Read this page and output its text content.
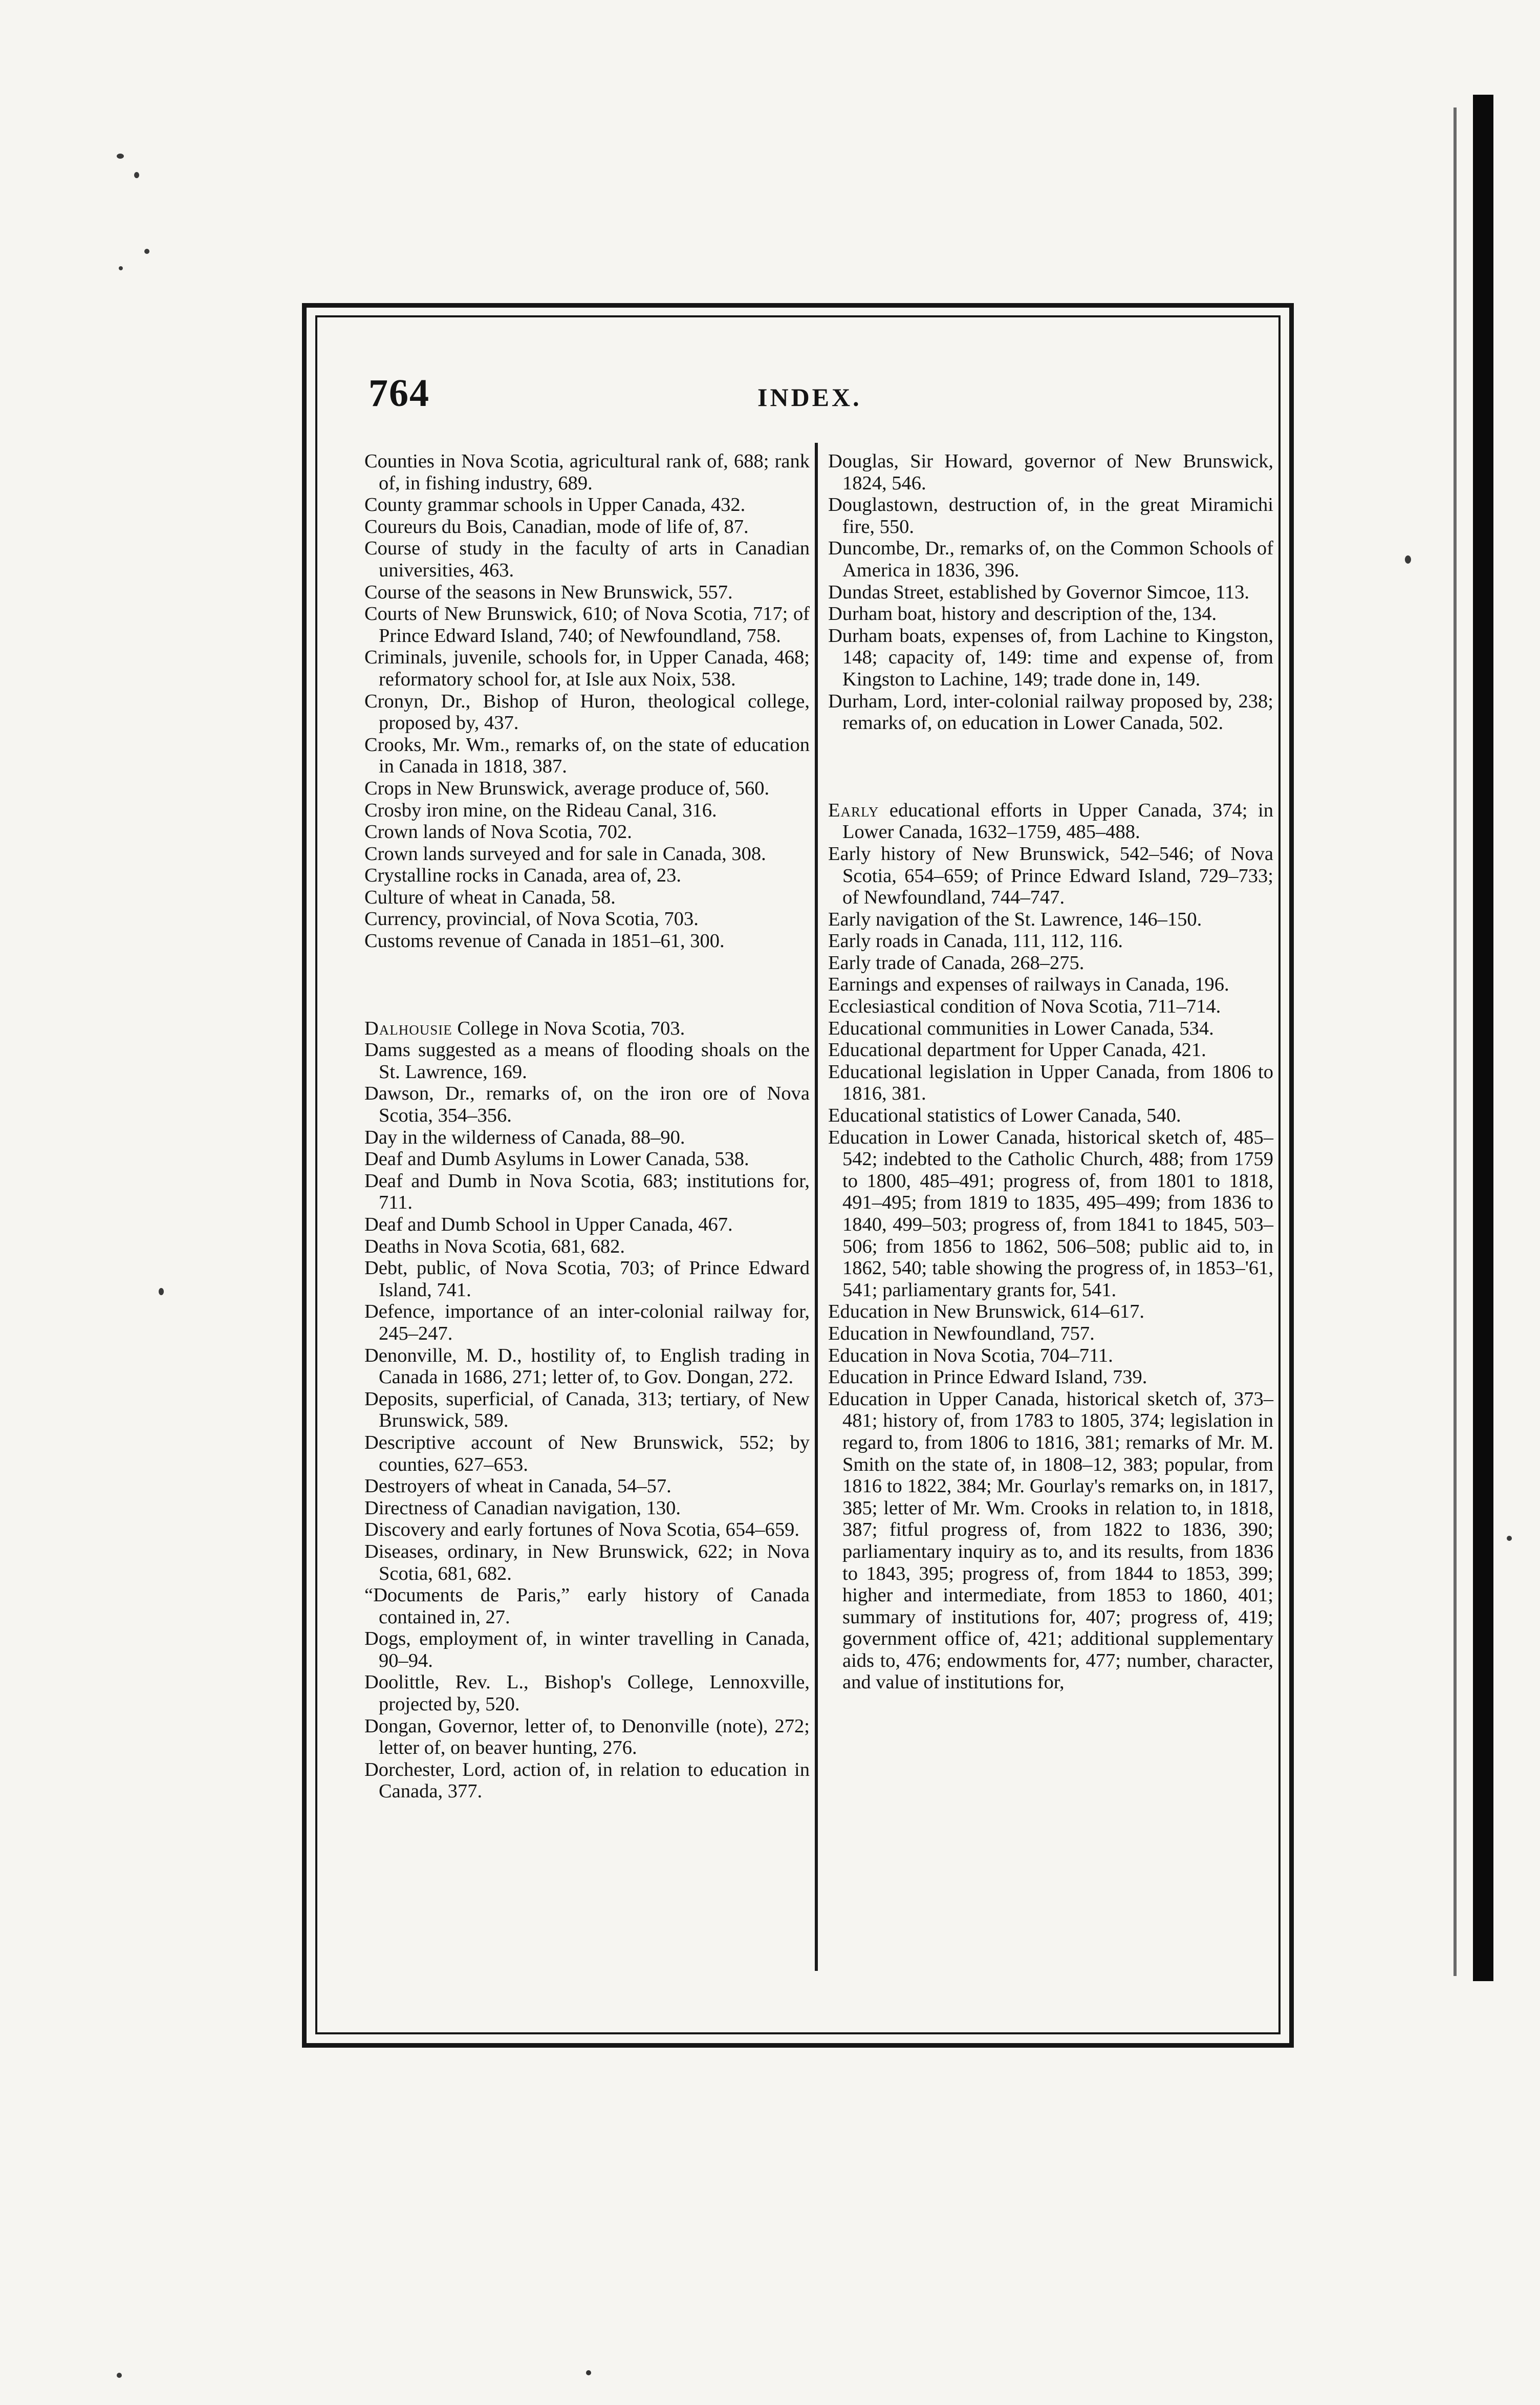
764	INDEX.

Counties in Nova Scotia, agricultural rank of, 688; rank of, in fishing industry, 689.

County grammar schools in Upper Canada, 432.

Coureurs du Bois, Canadian, mode of life of, 87.

Course of study in the faculty of arts in Canadian universities, 463.

Course of the seasons in New Brunswick, 557.

Courts of New Brunswick, 610; of Nova Scotia, 717; of Prince Edward Island, 740; of Newfoundland, 758.

Criminals, juvenile, schools for, in Upper Canada, 468; reformatory school for, at Isle aux Noix, 538.

Cronyn, Dr., Bishop of Huron, theological college, proposed by, 437.

Crooks, Mr. Wm., remarks of, on the state of education in Canada in 1818, 387.

Crops in New Brunswick, average produce of, 560.

Crosby iron mine, on the Rideau Canal, 316.

Crown lands of Nova Scotia, 702.

Crown lands surveyed and for sale in Canada, 308.

Crystalline rocks in Canada, area of, 23.

Culture of wheat in Canada, 58.

Currency, provincial, of Nova Scotia, 703.

Customs revenue of Canada in 1851–61, 300.

Dalhousie College in Nova Scotia, 703.

Dams suggested as a means of flooding shoals on the St. Lawrence, 169.

Dawson, Dr., remarks of, on the iron ore of Nova Scotia, 354–356.

Day in the wilderness of Canada, 88–90.

Deaf and Dumb Asylums in Lower Canada, 538.

Deaf and Dumb in Nova Scotia, 683; institutions for, 711.

Deaf and Dumb School in Upper Canada, 467.

Deaths in Nova Scotia, 681, 682.

Debt, public, of Nova Scotia, 703; of Prince Edward Island, 741.

Defence, importance of an inter-colonial railway for, 245–247.

Denonville, M. D., hostility of, to English trading in Canada in 1686, 271; letter of, to Gov. Dongan, 272.

Deposits, superficial, of Canada, 313; tertiary, of New Brunswick, 589.

Descriptive account of New Brunswick, 552; by counties, 627–653.

Destroyers of wheat in Canada, 54–57.

Directness of Canadian navigation, 130.

Discovery and early fortunes of Nova Scotia, 654–659.

Diseases, ordinary, in New Brunswick, 622; in Nova Scotia, 681, 682.

“Documents de Paris,” early history of Canada contained in, 27.

Dogs, employment of, in winter travelling in Canada, 90–94.

Doolittle, Rev. L., Bishop's College, Lennoxville, projected by, 520.

Dongan, Governor, letter of, to Denonville (note), 272; letter of, on beaver hunting, 276.

Dorchester, Lord, action of, in relation to education in Canada, 377.

Douglas, Sir Howard, governor of New Brunswick, 1824, 546.

Douglastown, destruction of, in the great Miramichi fire, 550.

Duncombe, Dr., remarks of, on the Common Schools of America in 1836, 396.

Dundas Street, established by Governor Simcoe, 113.

Durham boat, history and description of the, 134.

Durham boats, expenses of, from Lachine to Kingston, 148; capacity of, 149: time and expense of, from Kingston to Lachine, 149; trade done in, 149.

Durham, Lord, inter-colonial railway proposed by, 238; remarks of, on education in Lower Canada, 502.

Early educational efforts in Upper Canada, 374; in Lower Canada, 1632–1759, 485–488.

Early history of New Brunswick, 542–546; of Nova Scotia, 654–659; of Prince Edward Island, 729–733; of Newfoundland, 744–747.

Early navigation of the St. Lawrence, 146–150.

Early roads in Canada, 111, 112, 116.

Early trade of Canada, 268–275.

Earnings and expenses of railways in Canada, 196.

Ecclesiastical condition of Nova Scotia, 711–714.

Educational communities in Lower Canada, 534.

Educational department for Upper Canada, 421.

Educational legislation in Upper Canada, from 1806 to 1816, 381.

Educational statistics of Lower Canada, 540.

Education in Lower Canada, historical sketch of, 485–542; indebted to the Catholic Church, 488; from 1759 to 1800, 485–491; progress of, from 1801 to 1818, 491–495; from 1819 to 1835, 495–499; from 1836 to 1840, 499–503; progress of, from 1841 to 1845, 503–506; from 1856 to 1862, 506–508; public aid to, in 1862, 540; table showing the progress of, in 1853–'61, 541; parliamentary grants for, 541.

Education in New Brunswick, 614–617.

Education in Newfoundland, 757.

Education in Nova Scotia, 704–711.

Education in Prince Edward Island, 739.

Education in Upper Canada, historical sketch of, 373–481; history of, from 1783 to 1805, 374; legislation in regard to, from 1806 to 1816, 381; remarks of Mr. M. Smith on the state of, in 1808–12, 383; popular, from 1816 to 1822, 384; Mr. Gourlay's remarks on, in 1817, 385; letter of Mr. Wm. Crooks in relation to, in 1818, 387; fitful progress of, from 1822 to 1836, 390; parliamentary inquiry as to, and its results, from 1836 to 1843, 395; progress of, from 1844 to 1853, 399; higher and intermediate, from 1853 to 1860, 401; summary of institutions for, 407; progress of, 419; government office of, 421; additional supplementary aids to, 476; endowments for, 477; number, character, and value of institutions for,
